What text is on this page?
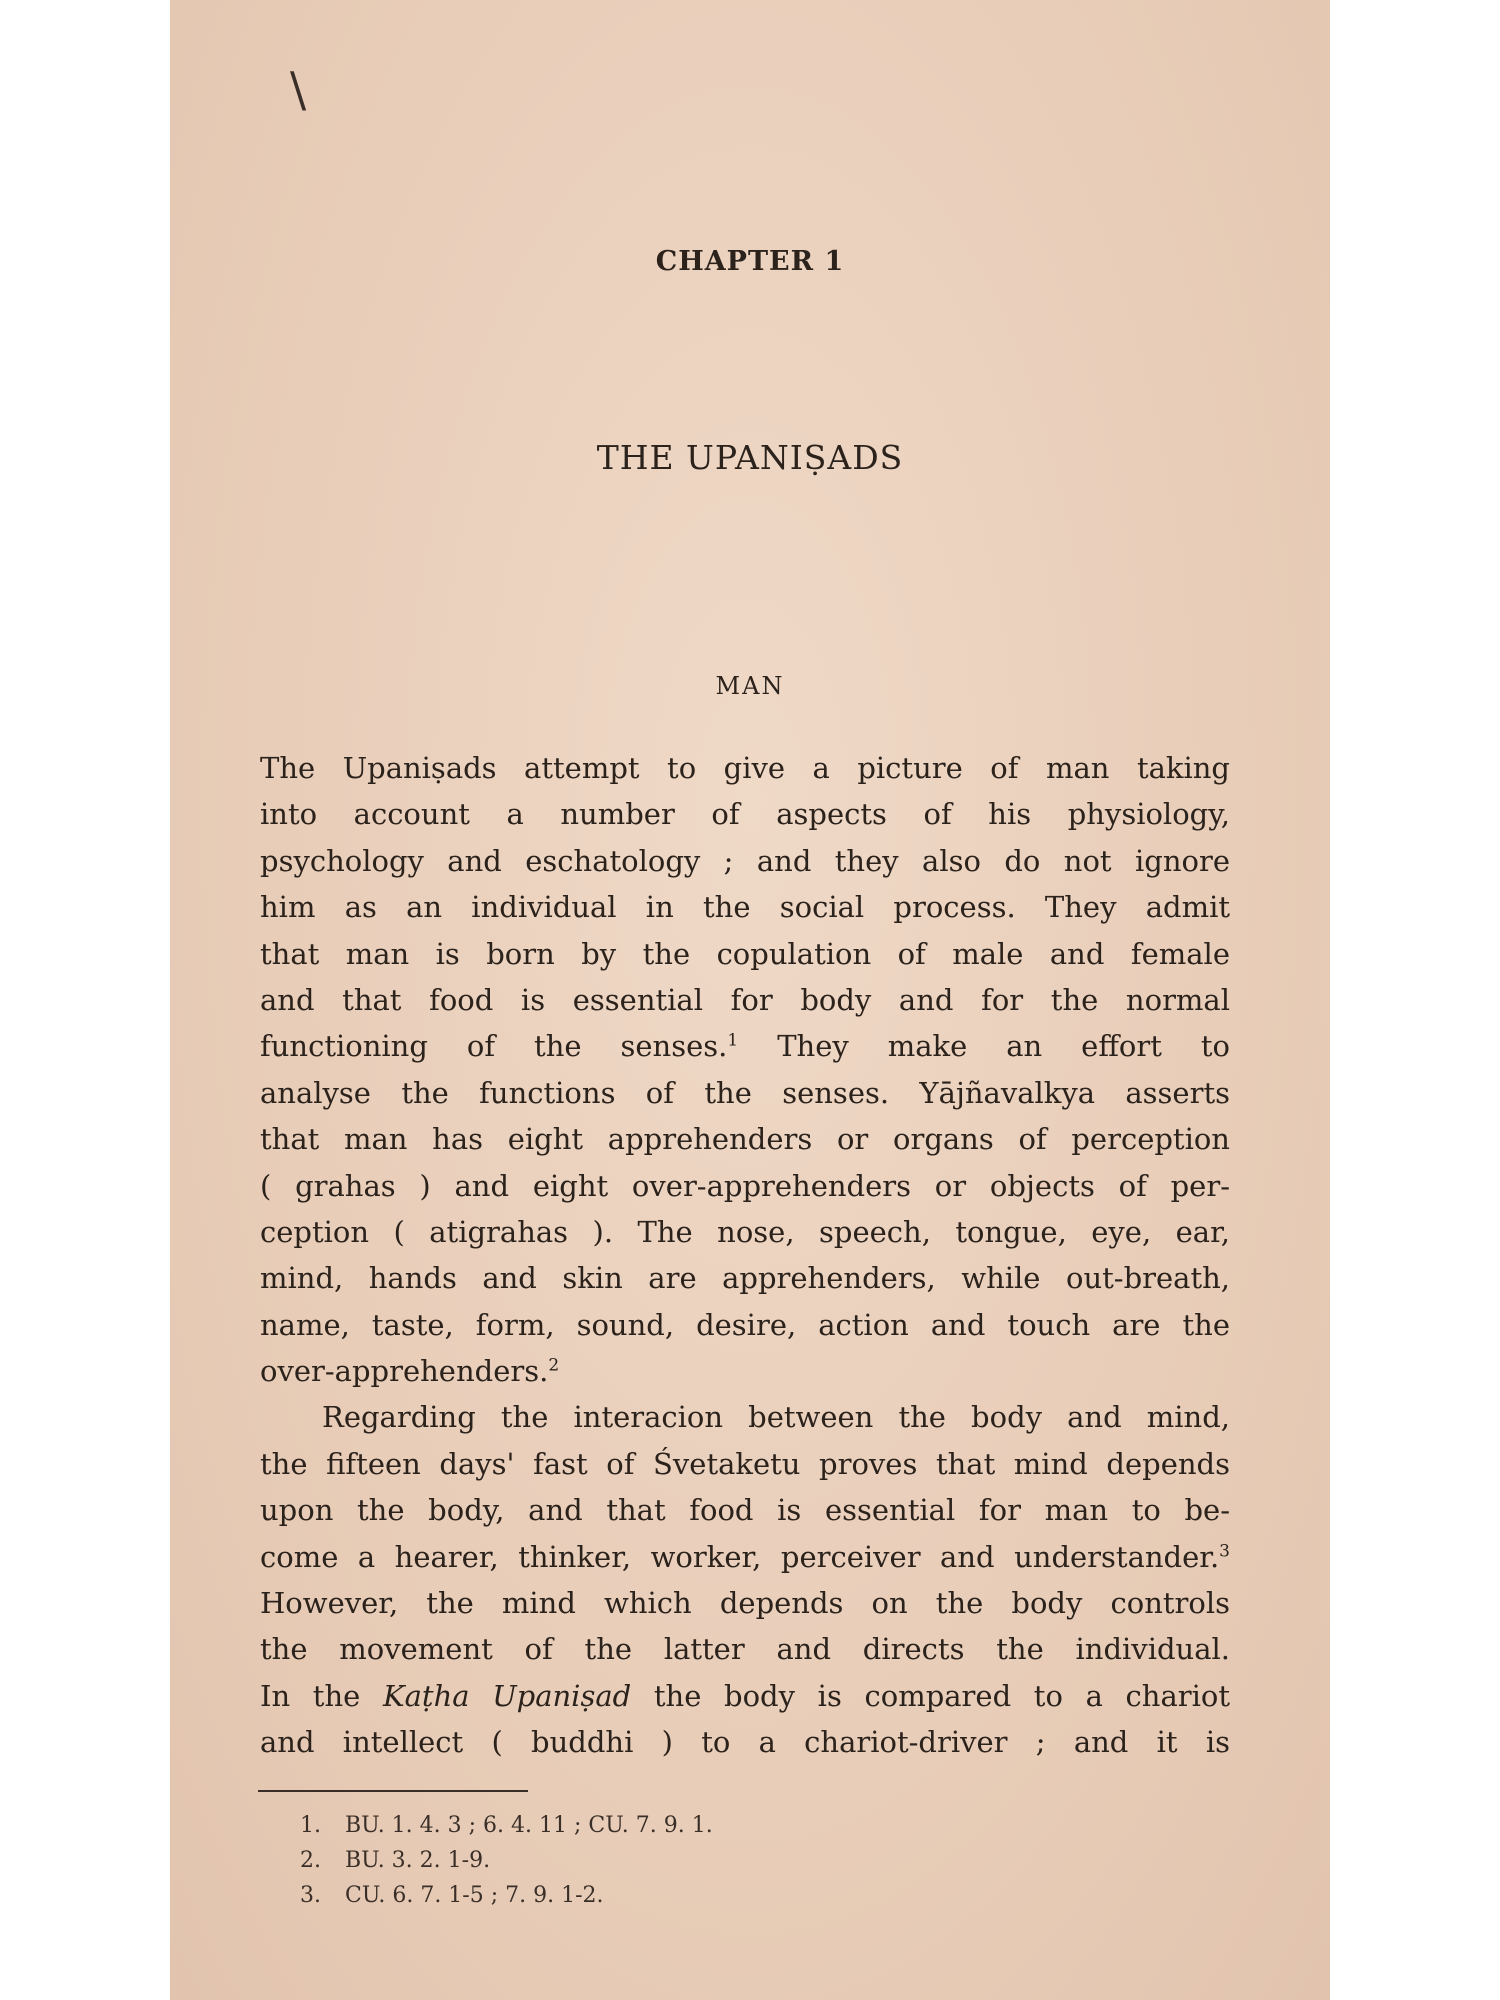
\
CHAPTER 1
THE UPANIṢADS
MAN
The Upaniṣads attempt to give a picture of man taking
into account a number of aspects of his physiology,
psychology and eschatology ; and they also do not ignore
him as an individual in the social process. They admit
that man is born by the copulation of male and female
and that food is essential for body and for the normal
functioning of the senses.$^1$ They make an effort to
analyse the functions of the senses. Yājñavalkya asserts
that man has eight apprehenders or organs of perception
( grahas ) and eight over-apprehenders or objects of per-
ception ( atigrahas ). The nose, speech, tongue, eye, ear,
mind, hands and skin are apprehenders, while out-breath,
name, taste, form, sound, desire, action and touch are the
over-apprehenders.$^2$
Regarding the interacion between the body and mind,
the fifteen days' fast of Śvetaketu proves that mind depends
upon the body, and that food is essential for man to be-
come a hearer, thinker, worker, perceiver and understander.$^3$
However, the mind which depends on the body controls
the movement of the latter and directs the individual.
In the Kaṭha Upaniṣad the body is compared to a chariot
and intellect ( buddhi ) to a chariot-driver ; and it is
1. BU. 1. 4. 3 ; 6. 4. 11 ; CU. 7. 9. 1.
2. BU. 3. 2. 1-9.
3. CU. 6. 7. 1-5 ; 7. 9. 1-2.
